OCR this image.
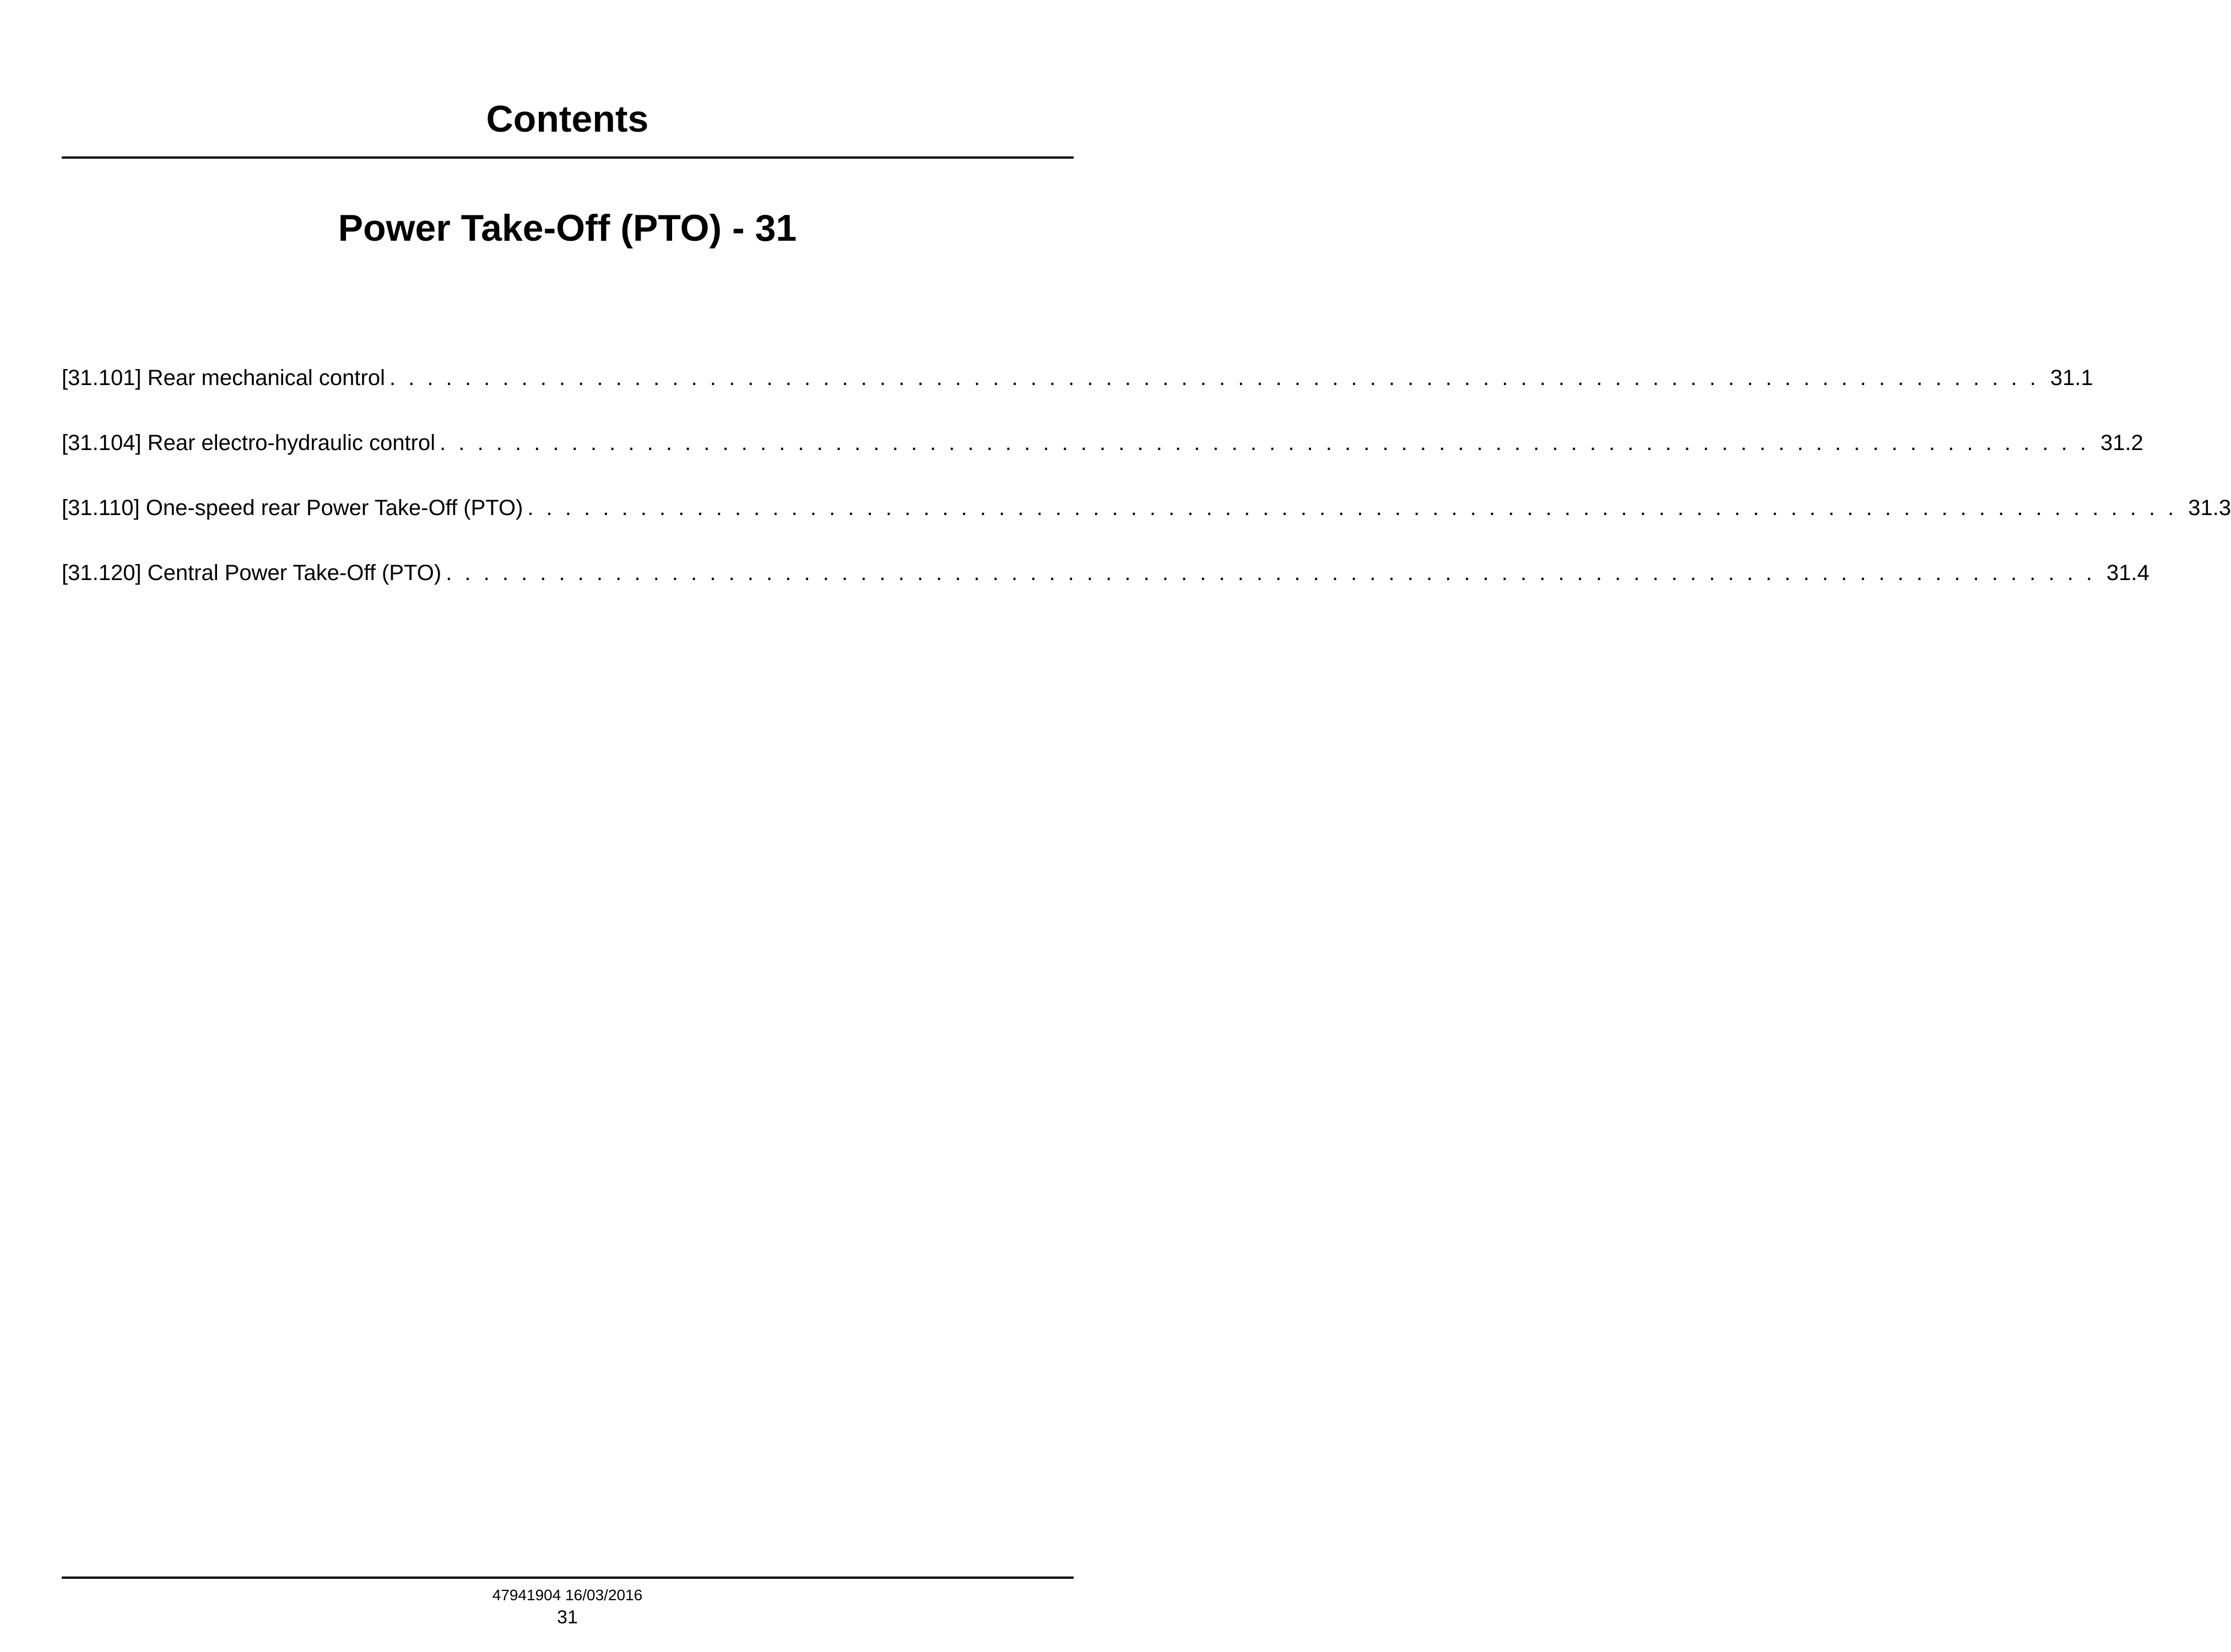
Contents
Power Take-Off (PTO) - 31
[31.101] Rear mechanical control . . . . . . . . . . . . . . . . . . . . . . . . . . . . . . . . . . . . . . . . . . . . . . . . . . . . . . . . . . . . . . . . . . . . . . . . . . . . . . . . . . . . . . . . 31.1
[31.104] Rear electro-hydraulic control . . . . . . . . . . . . . . . . . . . . . . . . . . . . . . . . . . . . . . . . . . . . . . . . . . . . . . . . . . . . . . . . . . . . . . . . . . . . . . . . . . . . . . . . 31.2
[31.110] One-speed rear Power Take-Off (PTO) . . . . . . . . . . . . . . . . . . . . . . . . . . . . . . . . . . . . . . . . . . . . . . . . . . . . . . . . . . . . . . . . . . . . . . . . . . . . . . . . . . . . . . . . 31.3
[31.120] Central Power Take-Off (PTO) . . . . . . . . . . . . . . . . . . . . . . . . . . . . . . . . . . . . . . . . . . . . . . . . . . . . . . . . . . . . . . . . . . . . . . . . . . . . . . . . . . . . . . . . 31.4
47941904 16/03/2016
31
